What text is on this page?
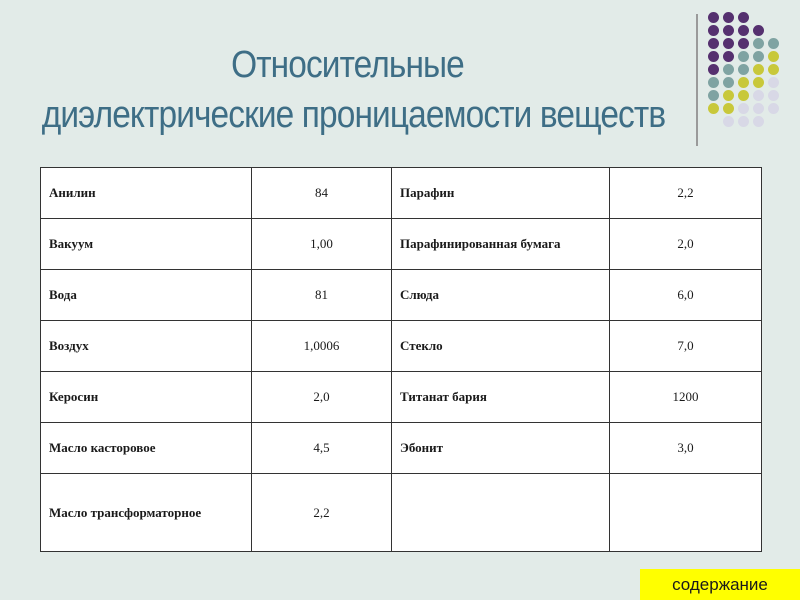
Относительные
диэлектрические проницаемости веществ
Анилин	84	Парафин	2,2
Вакуум	1,00	Парафинированная бумага	2,0
Вода	81	Слюда	6,0
Воздух	1,0006	Стекло	7,0
Керосин	2,0	Титанат бария	1200
Масло касторовое	4,5	Эбонит	3,0
Масло трансформаторное	2,2		
содержание
